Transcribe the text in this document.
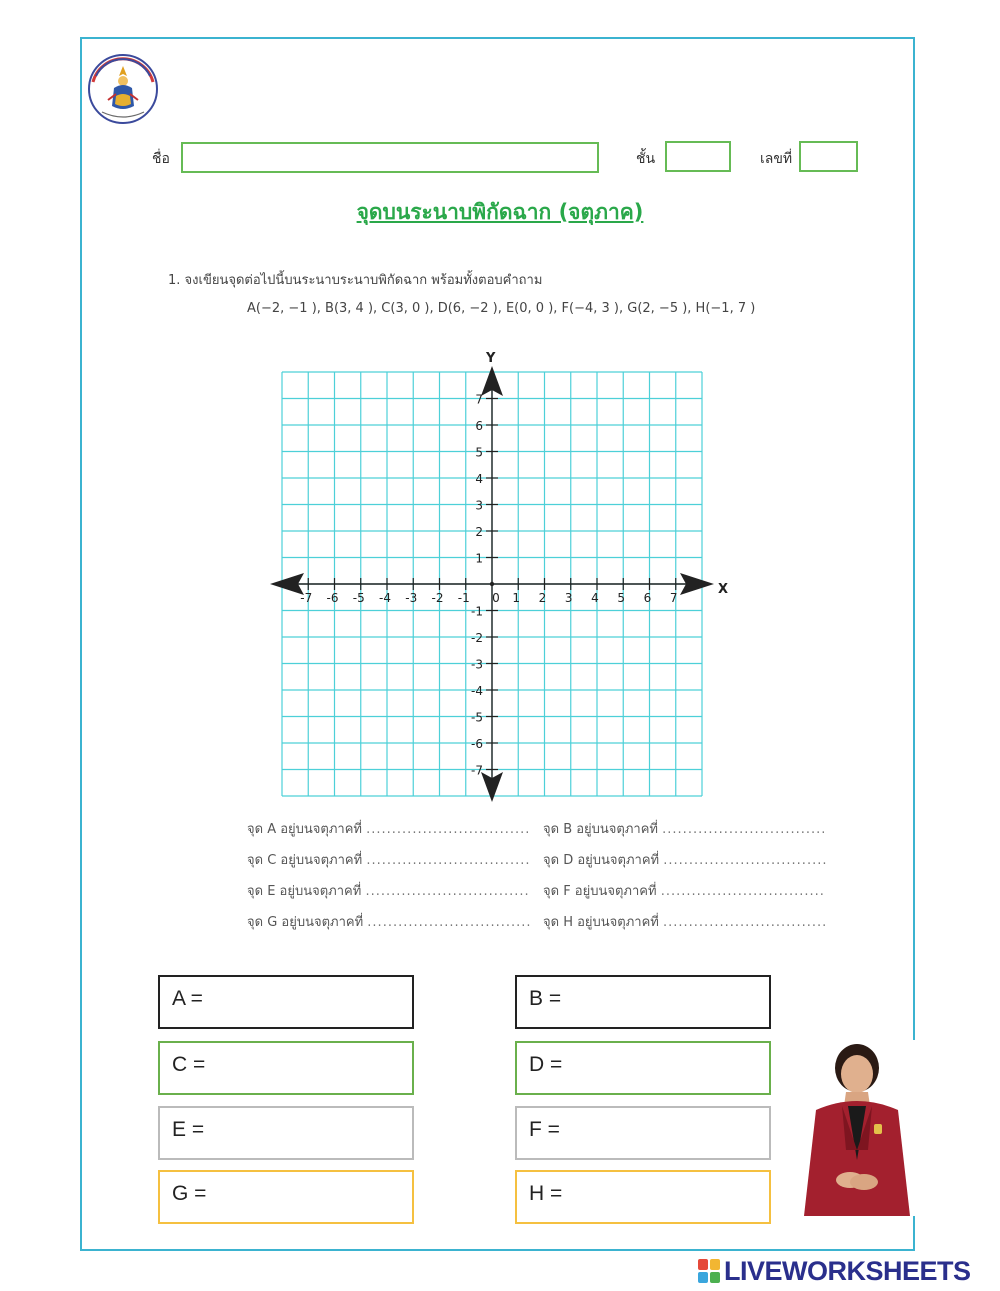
ชื่อ	ชั้น	เลขที่
จุดบนระนาบพิกัดฉาก (จตุภาค)
1. จงเขียนจุดต่อไปนี้บนระนาบระนาบพิกัดฉาก พร้อมทั้งตอบคำถาม
A(−2, −1 ), B(3, 4 ), C(3, 0 ), D(6, −2 ), E(0, 0 ), F(−4, 3 ), G(2, −5 ), H(−1, 7 )
-7 -6 -5 -4 -3 -2 -1 0 1 2 3 4 5 6 7
-7
-6
-5
-4
-3
-2
-1
1
2
3
4
5
6
7
X
Y
จุด A อยู่บนจตุภาคที่ ................................ จุด B อยู่บนจตุภาคที่ ................................
จุด C อยู่บนจตุภาคที่ ................................ จุด D อยู่บนจตุภาคที่ ................................
จุด E อยู่บนจตุภาคที่ ................................ จุด F อยู่บนจตุภาคที่ ................................
จุด G อยู่บนจตุภาคที่ ................................ จุด H อยู่บนจตุภาคที่ ................................
A =	B =
C =	D =
E =	F =
G =	H =
LIVEWORKSHEETS
